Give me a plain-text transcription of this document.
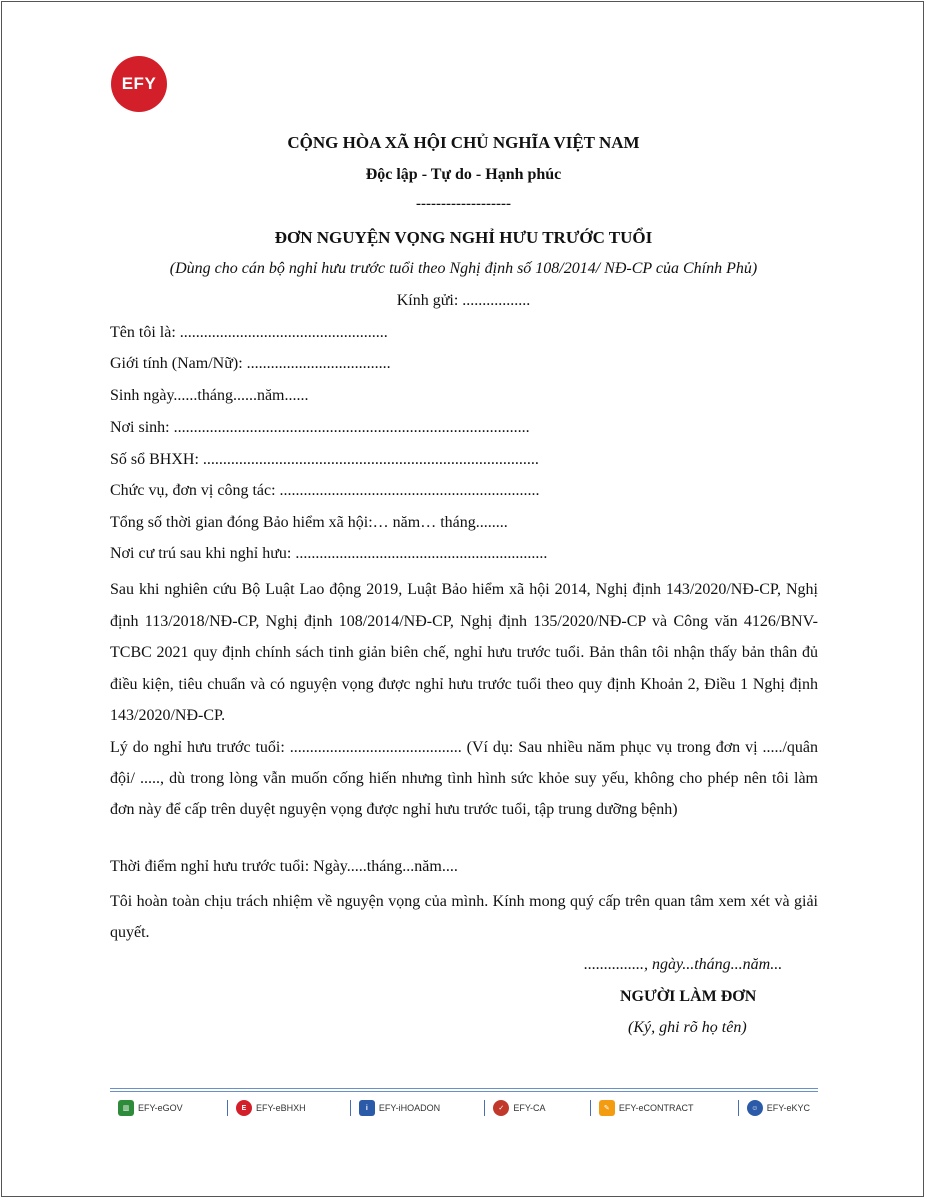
EFY
CỘNG HÒA XÃ HỘI CHỦ NGHĨA VIỆT NAM
Độc lập - Tự do - Hạnh phúc
-------------------
ĐƠN NGUYỆN VỌNG NGHỈ HƯU TRƯỚC TUỔI
(Dùng cho cán bộ nghỉ hưu trước tuổi theo Nghị định số 108/2014/ NĐ-CP của Chính Phủ)
Kính gửi: .................
Tên tôi là: ....................................................
Giới tính (Nam/Nữ): ....................................
Sinh ngày......tháng......năm......
Nơi sinh: .........................................................................................
Số sổ BHXH: ....................................................................................
Chức vụ, đơn vị công tác: .................................................................
Tổng số thời gian đóng Bảo hiểm xã hội:… năm… tháng........
Nơi cư trú sau khi nghỉ hưu: ...............................................................
Sau khi nghiên cứu Bộ Luật Lao động 2019, Luật Bảo hiểm xã hội 2014, Nghị định 143/2020/NĐ-CP, Nghị định 113/2018/NĐ-CP, Nghị định 108/2014/NĐ-CP, Nghị định 135/2020/NĐ-CP và Công văn 4126/BNV-TCBC 2021 quy định chính sách tinh giản biên chế, nghỉ hưu trước tuổi. Bản thân tôi nhận thấy bản thân đủ điều kiện, tiêu chuẩn và có nguyện vọng được nghỉ hưu trước tuổi theo quy định Khoản 2, Điều 1 Nghị định 143/2020/NĐ-CP.
Lý do nghỉ hưu trước tuổi: ........................................... (Ví dụ: Sau nhiều năm phục vụ trong đơn vị ...../quân đội/ ....., dù trong lòng vẫn muốn cống hiến nhưng tình hình sức khỏe suy yếu, không cho phép nên tôi làm đơn này để cấp trên duyệt nguyện vọng được nghỉ hưu trước tuổi, tập trung dưỡng bệnh)
Thời điểm nghỉ hưu trước tuổi: Ngày.....tháng...năm....
Tôi hoàn toàn chịu trách nhiệm về nguyện vọng của mình. Kính mong quý cấp trên quan tâm xem xét và giải quyết.
..............., ngày...tháng...năm...
NGƯỜI LÀM ĐƠN
(Ký, ghi rõ họ tên)
▥ EFY-eGOV	E	EFY-eBHXH	i	EFY-iHOADON	✓	EFY-CA	✎	EFY-eCONTRACT	☺ EFY-eKYC
